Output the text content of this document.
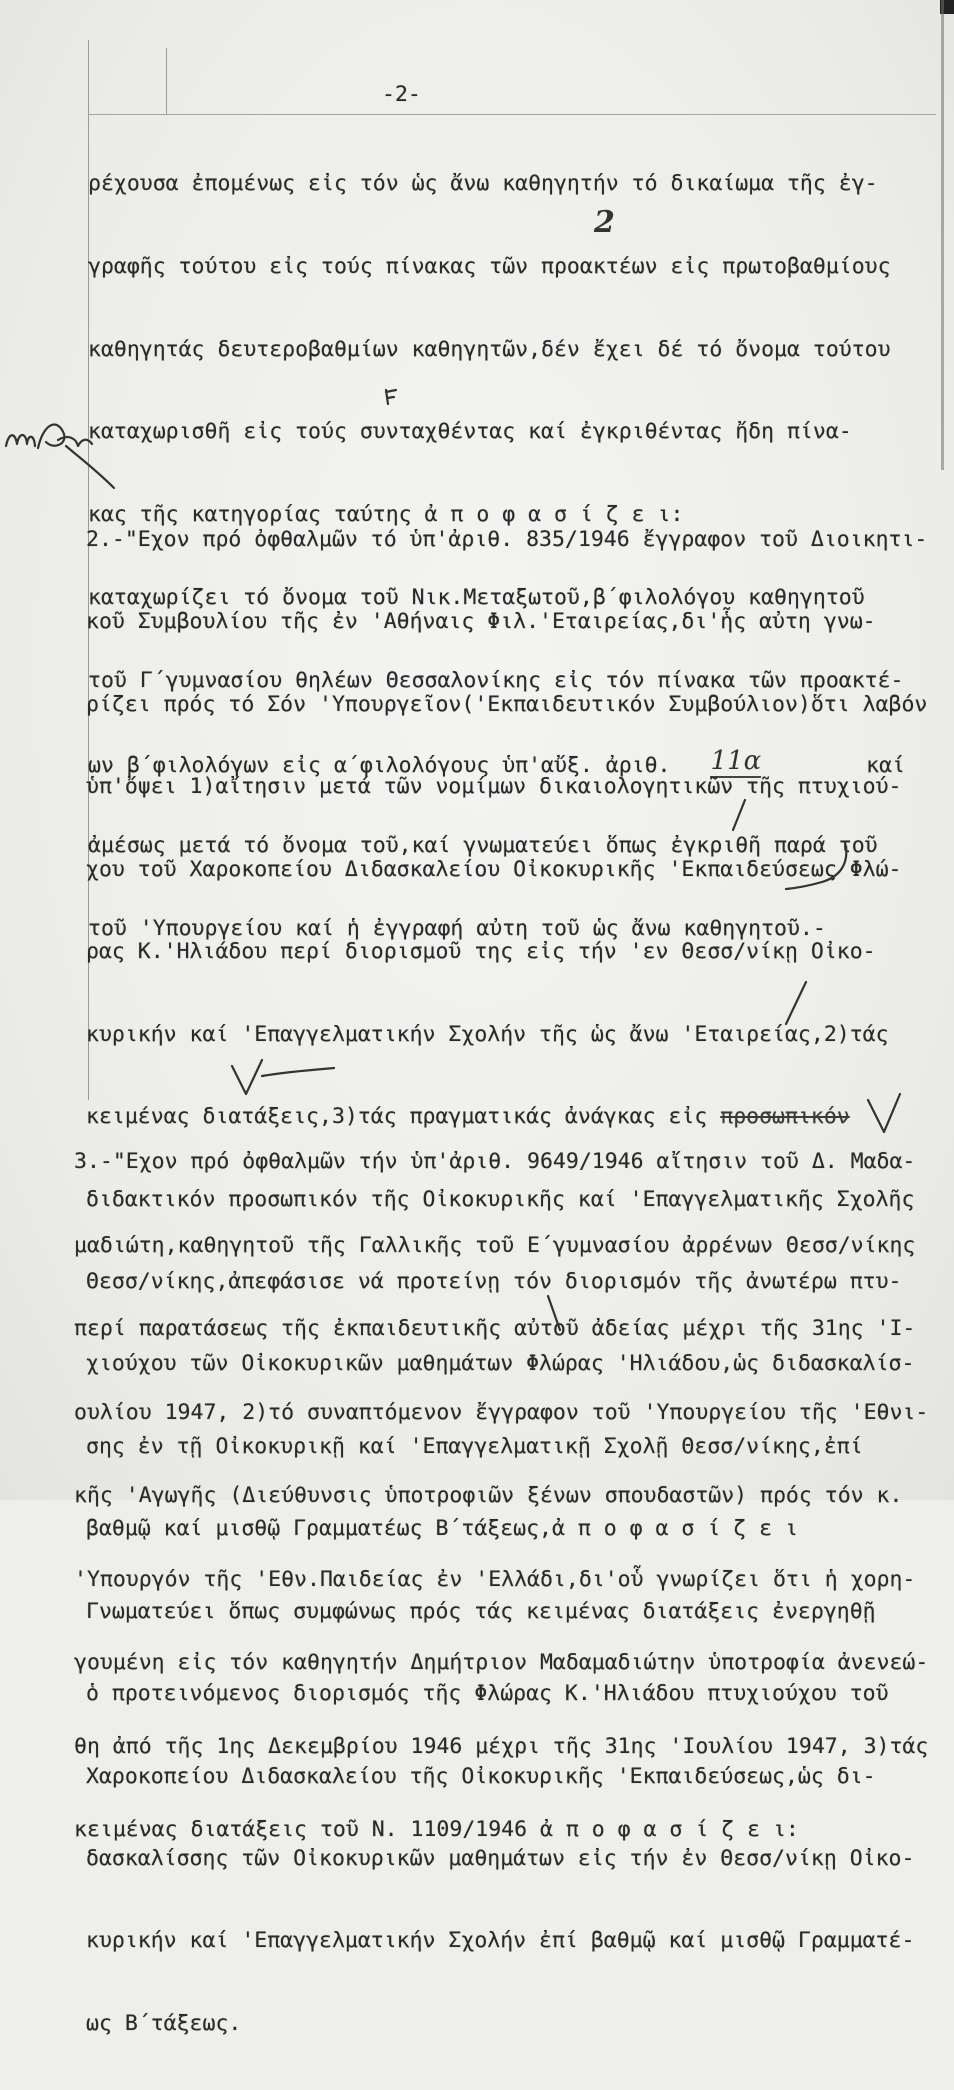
-2-

ρέχουσα ἐπομένως εἰς τόν ὡς ἄνω καθηγητήν τό δικαίωμα τῆς ἐγ-

γραφῆς τούτου εἰς τούς πίνακας τῶν προακτέων εἰς πρωτοβαθμίους

καθηγητάς δευτεροβαθμίων καθηγητῶν,δέν ἔχει δέ τό ὄνομα τούτου

καταχωρισθῆ εἰς τούς συνταχθέντας καί ἐγκριθέντας ἤδη πίνα-

κας τῆς κατηγορίας ταύτης ἀ π ο φ α σ ί ζ ε ι:

καταχωρίζει τό ὄνομα τοῦ Νικ.Μεταξωτοῦ,β΄φιλολόγου καθηγητοῦ

τοῦ Γ΄γυμνασίου θηλέων Θεσσαλονίκης εἰς τόν πίνακα τῶν προακτέ-

ων β΄φιλολόγων εἰς α΄φιλολόγους ὑπ'αὔξ. ἀριθ. 11α	καί

ἀμέσως μετά τό ὄνομα τοῦ,καί γνωματεύει ὅπως ἐγκριθῆ παρά τοῦ

τοῦ 'Υπουργείου καί ἡ ἐγγραφή αὐτη τοῦ ὡς ἄνω καθηγητοῦ.-

2

2.-"Εχον πρό ὀφθαλμῶν τό ὑπ'ἀριθ. 835/1946 ἔγγραφον τοῦ Διοικητι-

κοῦ Συμβουλίου τῆς ἐν 'Αθήναις Φιλ.'Εταιρείας,δι'ἧς αὐτη γνω-

ρίζει πρός τό Σόν 'Υπουργεῖον('Εκπαιδευτικόν Συμβούλιον)ὅτι λαβόν

ὑπ'ὄψει 1)αἴτησιν μετά τῶν νομίμων δικαιολογητικῶν τῆς πτυχιού-

χου τοῦ Χαροκοπείου Διδασκαλείου Οἰκοκυρικῆς 'Εκπαιδεύσεως Φλώ-

ρας Κ.'Ηλιάδου περί διορισμοῦ της εἰς τήν 'εν Θεσσ/νίκῃ Οἰκο-

κυρικήν καί 'Επαγγελματικήν Σχολήν τῆς ὡς ἄνω 'Εταιρείας,2)τάς

κειμένας διατάξεις,3)τάς πραγματικάς ἀνάγκας εἰς προσωπικόν

διδακτικόν προσωπικόν τῆς Οἰκοκυρικῆς καί 'Επαγγελματικῆς Σχολῆς

Θεσσ/νίκης,ἀπεφάσισε νά προτείνῃ τόν διορισμόν τῆς ἀνωτέρω πτυ-

χιούχου τῶν Οἰκοκυρικῶν μαθημάτων Φλώρας 'Ηλιάδου,ὡς διδασκαλίσ-

σης ἐν τῇ Οἰκοκυρικῇ καί 'Επαγγελματικῇ Σχολῇ Θεσσ/νίκης,ἐπί

βαθμῷ καί μισθῷ Γραμματέως Β΄τάξεως,ἀ π ο φ α σ ί ζ ε ι

Γνωματεύει ὅπως συμφώνως πρός τάς κειμένας διατάξεις ἐνεργηθῇ

ὁ προτεινόμενος διορισμός τῆς Φλώρας Κ.'Ηλιάδου πτυχιούχου τοῦ

Χαροκοπείου Διδασκαλείου τῆς Οἰκοκυρικῆς 'Εκπαιδεύσεως,ὡς δι-

δασκαλίσσης τῶν Οἰκοκυρικῶν μαθημάτων εἰς τήν ἐν Θεσσ/νίκῃ Οἰκο-

κυρικήν καί 'Επαγγελματικήν Σχολήν ἐπί βαθμῷ καί μισθῷ Γραμματέ-

ως Β΄τάξεως.

3.-"Εχον πρό ὀφθαλμῶν τήν ὑπ'ἀριθ. 9649/1946 αἴτησιν τοῦ Δ. Μαδα-

μαδιώτη,καθηγητοῦ τῆς Γαλλικῆς τοῦ Ε΄γυμνασίου ἀρρένων Θεσσ/νίκης

περί παρατάσεως τῆς ἐκπαιδευτικῆς αὐτοῦ ἀδείας μέχρι τῆς 31ης 'Ι-

ουλίου 1947, 2)τό συναπτόμενον ἔγγραφον τοῦ 'Υπουργείου τῆς 'Εθνι-

κῆς 'Αγωγῆς (Διεύθυνσις ὑποτροφιῶν ξένων σπουδαστῶν) πρός τόν κ.

'Υπουργόν τῆς 'Εθν.Παιδείας ἐν 'Ελλάδι,δι'οὗ γνωρίζει ὅτι ἡ χορη-

γουμένη εἰς τόν καθηγητήν Δημήτριον Μαδαμαδιώτην ὑποτροφία ἀνενεώ-

θη ἀπό τῆς 1ης Δεκεμβρίου 1946 μέχρι τῆς 31ης 'Ιουλίου 1947, 3)τάς

κειμένας διατάξεις τοῦ Ν. 1109/1946 ἀ π ο φ α σ ί ζ ε ι:
